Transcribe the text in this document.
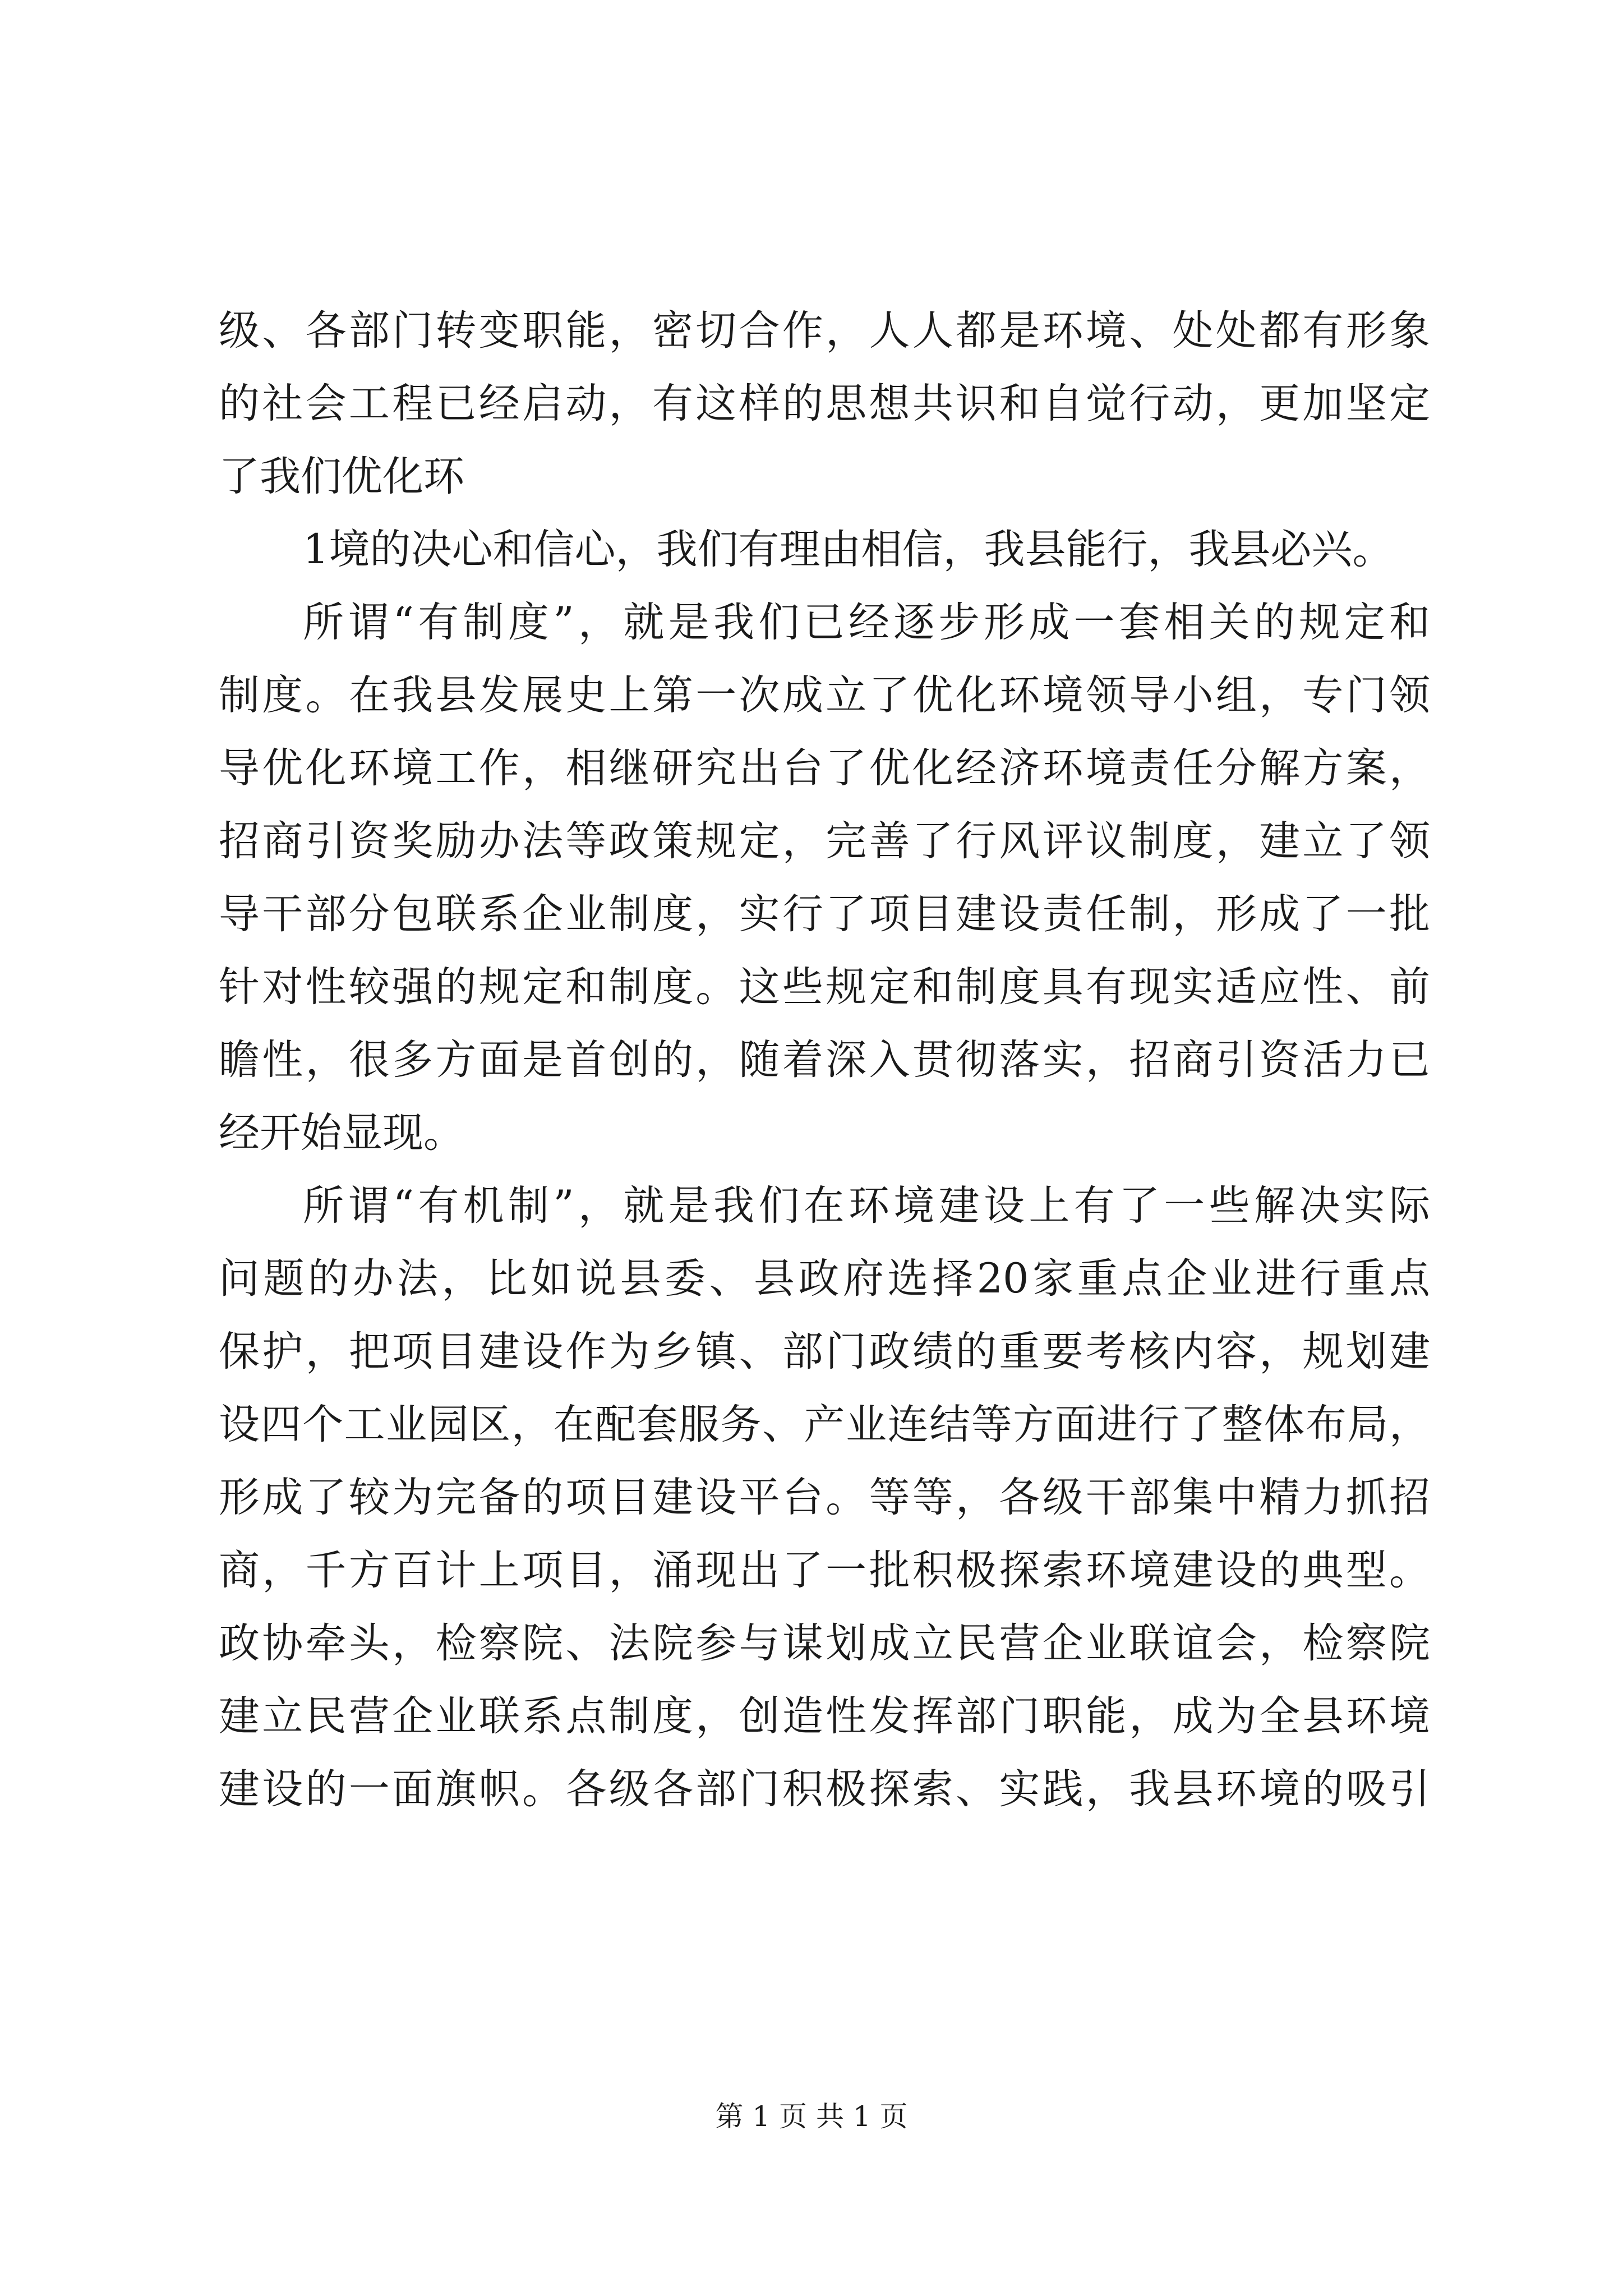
级、各部门转变职能，密切合作，人人都是环境、处处都有形象
的社会工程已经启动，有这样的思想共识和自觉行动，更加坚定
了我们优化环
1境的决心和信心，我们有理由相信，我县能行，我县必兴。
所谓“有制度”，就是我们已经逐步形成一套相关的规定和
制度。在我县发展史上第一次成立了优化环境领导小组，专门领
导优化环境工作，相继研究出台了优化经济环境责任分解方案，
招商引资奖励办法等政策规定，完善了行风评议制度，建立了领
导干部分包联系企业制度，实行了项目建设责任制，形成了一批
针对性较强的规定和制度。这些规定和制度具有现实适应性、前
瞻性，很多方面是首创的，随着深入贯彻落实，招商引资活力已
经开始显现。
所谓“有机制”，就是我们在环境建设上有了一些解决实际
问题的办法，比如说县委、县政府选择20家重点企业进行重点
保护，把项目建设作为乡镇、部门政绩的重要考核内容，规划建
设四个工业园区，在配套服务、产业连结等方面进行了整体布局，
形成了较为完备的项目建设平台。等等，各级干部集中精力抓招
商，千方百计上项目，涌现出了一批积极探索环境建设的典型。
政协牵头，检察院、法院参与谋划成立民营企业联谊会，检察院
建立民营企业联系点制度，创造性发挥部门职能，成为全县环境
建设的一面旗帜。各级各部门积极探索、实践，我县环境的吸引
第 1 页 共 1 页
